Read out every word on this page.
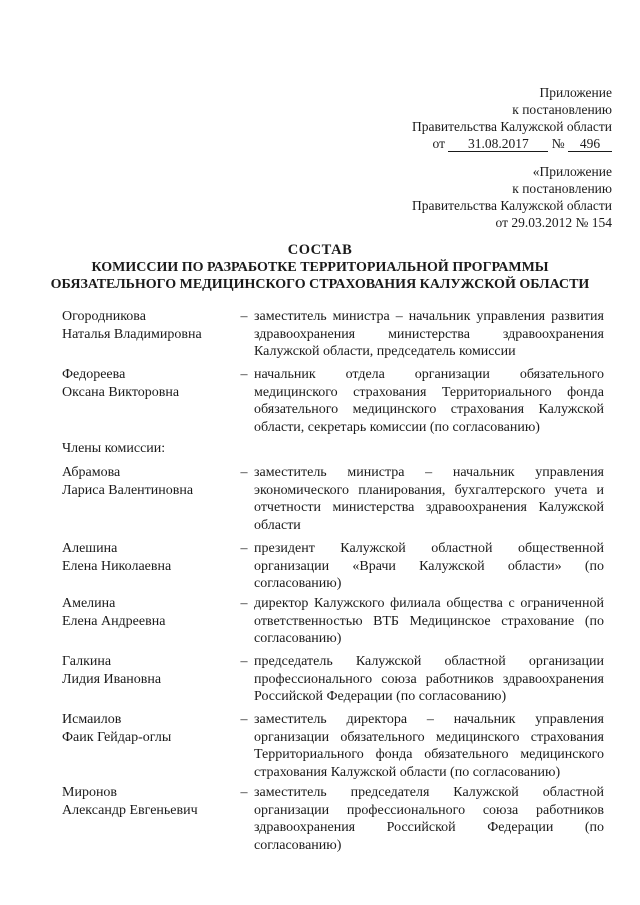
Приложение
к постановлению
Правительства Калужской области
от 31.08.2017 № 496
«Приложение
к постановлению
Правительства Калужской области
от 29.03.2012 № 154
СОСТАВ
КОМИССИИ ПО РАЗРАБОТКЕ ТЕРРИТОРИАЛЬНОЙ ПРОГРАММЫ
ОБЯЗАТЕЛЬНОГО МЕДИЦИНСКОГО СТРАХОВАНИЯ КАЛУЖСКОЙ ОБЛАСТИ
Огородникова
Наталья Владимировна
– заместитель министра – начальник управления развития здравоохранения министерства здравоохранения Калужской области, председатель комиссии
Федореева
Оксана Викторовна
– начальник отдела организации обязательного медицинского страхования Территориального фонда обязательного медицинского страхования Калужской области, секретарь комиссии (по согласованию)
Члены комиссии:
Абрамова
Лариса Валентиновна
– заместитель министра – начальник управления экономического планирования, бухгалтерского учета и отчетности министерства здравоохранения Калужской области
Алешина
Елена Николаевна
– президент Калужской областной общественной организации «Врачи Калужской области» (по согласованию)
Амелина
Елена Андреевна
– директор Калужского филиала общества с ограниченной ответственностью ВТБ Медицинское страхование (по согласованию)
Галкина
Лидия Ивановна
– председатель Калужской областной организации профессионального союза работников здравоохранения Российской Федерации (по согласованию)
Исмаилов
Фаик Гейдар-оглы
– заместитель директора – начальник управления организации обязательного медицинского страхования Территориального фонда обязательного медицинского страхования Калужской области (по согласованию)
Миронов
Александр Евгеньевич
– заместитель председателя Калужской областной организации профессионального союза работников здравоохранения Российской Федерации (по согласованию)
